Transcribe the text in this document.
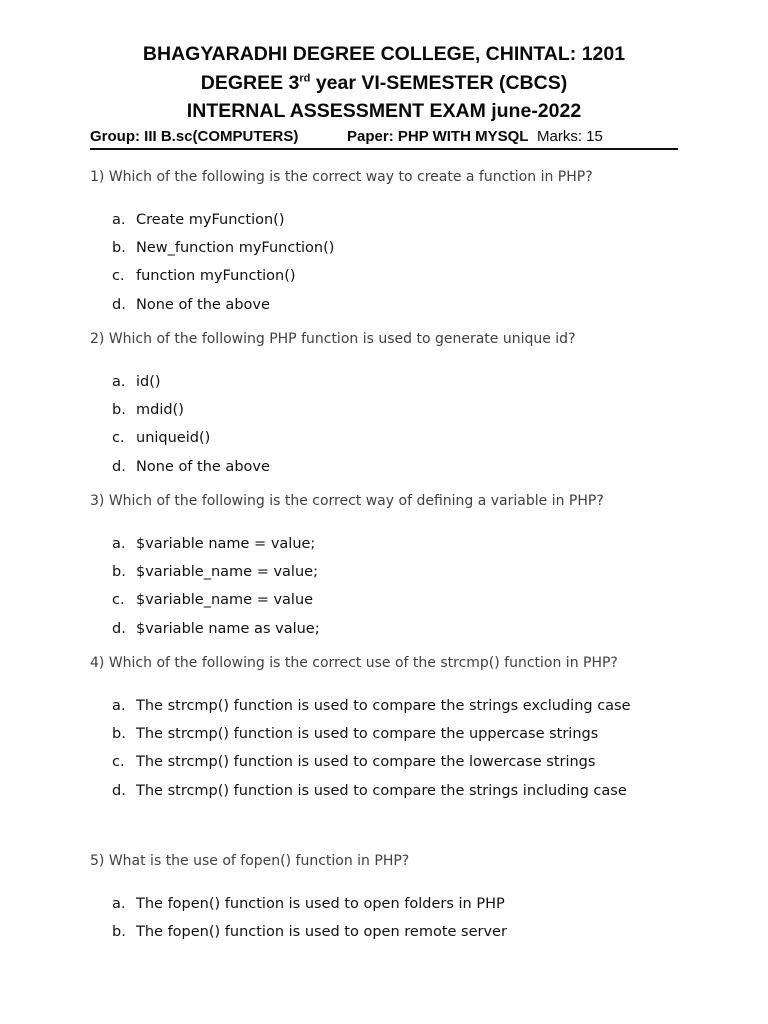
BHAGYARADHI DEGREE COLLEGE, CHINTAL: 1201
DEGREE 3rd year VI-SEMESTER (CBCS)
INTERNAL ASSESSMENT EXAM june-2022
Group: III B.sc(COMPUTERS)	Paper: PHP WITH MYSQL Marks: 15
1) Which of the following is the correct way to create a function in PHP?
a. Create myFunction()
b. New_function myFunction()
c. function myFunction()
d. None of the above
2) Which of the following PHP function is used to generate unique id?
a. id()
b. mdid()
c. uniqueid()
d. None of the above
3) Which of the following is the correct way of defining a variable in PHP?
a. $variable name = value;
b. $variable_name = value;
c. $variable_name = value
d. $variable name as value;
4) Which of the following is the correct use of the strcmp() function in PHP?
a. The strcmp() function is used to compare the strings excluding case
b. The strcmp() function is used to compare the uppercase strings
c. The strcmp() function is used to compare the lowercase strings
d. The strcmp() function is used to compare the strings including case
5) What is the use of fopen() function in PHP?
a. The fopen() function is used to open folders in PHP
b. The fopen() function is used to open remote server
